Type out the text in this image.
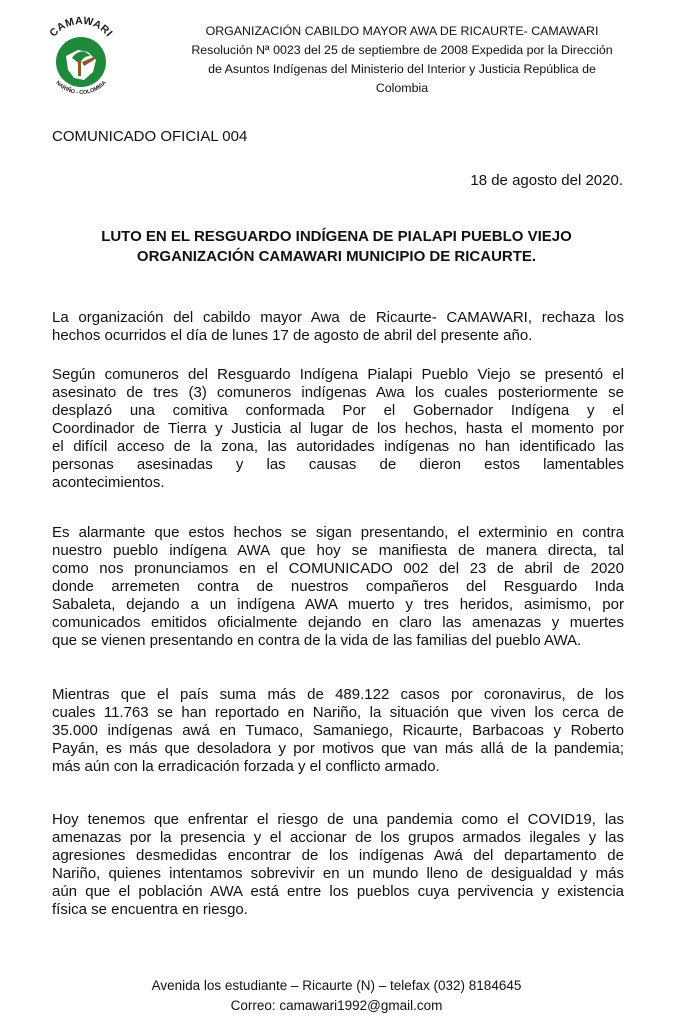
CAMAWARI
NARIÑO - COLOMBIA
ORGANIZACIÓN CABILDO MAYOR AWA DE RICAURTE- CAMAWARI
Resolución Nª 0023 del 25 de septiembre de 2008 Expedida por la Dirección
de Asuntos Indígenas del Ministerio del Interior y Justicia República de
Colombia
COMUNICADO OFICIAL 004
18 de agosto del 2020.
LUTO EN EL RESGUARDO INDÍGENA DE PIALAPI PUEBLO VIEJO
ORGANIZACIÓN CAMAWARI MUNICIPIO DE RICAURTE.
La organización del cabildo mayor Awa de Ricaurte- CAMAWARI, rechaza los
hechos ocurridos el día de lunes 17 de agosto de abril del presente año.
Según comuneros del Resguardo Indígena Pialapi Pueblo Viejo se presentó el
asesinato de tres (3) comuneros indígenas Awa los cuales posteriormente se
desplazó una comitiva conformada Por el Gobernador Indígena y el
Coordinador de Tierra y Justicia al lugar de los hechos, hasta el momento por
el difícil acceso de la zona, las autoridades indígenas no han identificado las
personas asesinadas y las causas de dieron estos lamentables
acontecimientos.
Es alarmante que estos hechos se sigan presentando, el exterminio en contra
nuestro pueblo indígena AWA que hoy se manifiesta de manera directa, tal
como nos pronunciamos en el COMUNICADO 002 del 23 de abril de 2020
donde arremeten contra de nuestros compañeros del Resguardo Inda
Sabaleta, dejando a un indígena AWA muerto y tres heridos, asimismo, por
comunicados emitidos oficialmente dejando en claro las amenazas y muertes
que se vienen presentando en contra de la vida de las familias del pueblo AWA.
Mientras que el país suma más de 489.122 casos por coronavirus, de los
cuales 11.763 se han reportado en Nariño, la situación que viven los cerca de
35.000 indígenas awá en Tumaco, Samaniego, Ricaurte, Barbacoas y Roberto
Payán, es más que desoladora y por motivos que van más allá de la pandemia;
más aún con la erradicación forzada y el conflicto armado.
Hoy tenemos que enfrentar el riesgo de una pandemia como el COVID19, las
amenazas por la presencia y el accionar de los grupos armados ilegales y las
agresiones desmedidas encontrar de los indígenas Awá del departamento de
Nariño, quienes intentamos sobrevivir en un mundo lleno de desigualdad y más
aún que el población AWA está entre los pueblos cuya pervivencia y existencia
física se encuentra en riesgo.
Avenida los estudiante – Ricaurte (N) – telefax (032) 8184645
Correo: camawari1992@gmail.com
